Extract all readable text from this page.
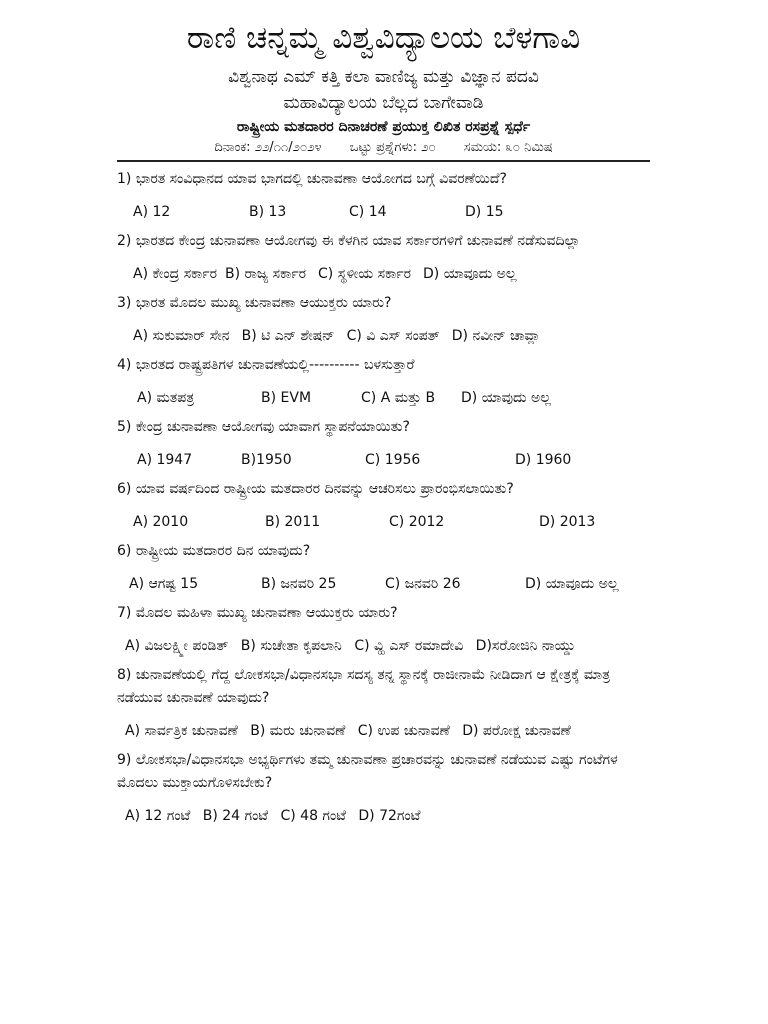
ರಾಣಿ ಚನ್ನಮ್ಮ ವಿಶ್ವವಿದ್ಯಾಲಯ ಬೆಳಗಾವಿ

ವಿಶ್ವನಾಥ ಎಮ್ ಕತ್ತಿ ಕಲಾ ವಾಣಿಜ್ಯ ಮತ್ತು ವಿಜ್ಞಾನ ಪದವಿ

ಮಹಾವಿದ್ಯಾಲಯ ಬೆಲ್ಲದ ಬಾಗೇವಾಡಿ

ರಾಷ್ಟ್ರೀಯ ಮತದಾರರ ದಿನಾಚರಣೆ ಪ್ರಯುಕ್ತ ಲಿಖಿತ ರಸಪ್ರಶ್ನೆ ಸ್ಪರ್ಧೆ

ದಿನಾಂಕ: ೨೨/೧೧/೨೦೨೪ ಒಟ್ಟು ಪ್ರಶ್ನೆಗಳು: ೨೦ ಸಮಯ: ೩೦ ನಿಮಿಷ

1) ಭಾರತ ಸಂವಿಧಾನದ ಯಾವ ಭಾಗದಲ್ಲಿ ಚುನಾವಣಾ ಆಯೋಗದ ಬಗ್ಗೆ ವಿವರಣೆಯಿದೆ?

A) 12	B) 13	C) 14	D) 15

2) ಭಾರತದ ಕೇಂದ್ರ ಚುನಾವಣಾ ಆಯೋಗವು ಈ ಕೆಳಗಿನ ಯಾವ ಸರ್ಕಾರಗಳಿಗೆ ಚುನಾವಣೆ ನಡೆಸುವದಿಲ್ಲಾ

A) ಕೇಂದ್ರ ಸರ್ಕಾರ B) ರಾಜ್ಯ ಸರ್ಕಾರ C) ಸ್ಥಳೀಯ ಸರ್ಕಾರ D) ಯಾವೂದು ಅಲ್ಲ

3) ಭಾರತ ಮೊದಲ ಮುಖ್ಯ ಚುನಾವಣಾ ಆಯುಕ್ತರು ಯಾರು?

A) ಸುಕುಮಾರ್ ಸೇನ B) ಟಿ ಎನ್ ಶೇಷನ್ C) ವಿ ಎಸ್ ಸಂಪತ್ D) ನವೀನ್ ಚಾವ್ಲಾ

4) ಭಾರತದ ರಾಷ್ಟ್ರಪತಿಗಳ ಚುನಾವಣೆಯಲ್ಲಿ---------- ಬಳಸುತ್ತಾರೆ

A) ಮತಪತ್ರ	B) EVM	C) A ಮತ್ತು B	D) ಯಾವುದು ಅಲ್ಲ

5) ಕೇಂದ್ರ ಚುನಾವಣಾ ಆಯೋಗವು ಯಾವಾಗ ಸ್ಥಾಪನೆಯಾಯಿತು?

A) 1947	B)1950	C) 1956	D) 1960

6) ಯಾವ ವರ್ಷದಿಂದ ರಾಷ್ಟ್ರೀಯ ಮತದಾರರ ದಿನವನ್ನು ಆಚರಿಸಲು ಪ್ರಾರಂಭಿಸಲಾಯಿತು?

A) 2010	B) 2011	C) 2012	D) 2013

6) ರಾಷ್ಟ್ರೀಯ ಮತದಾರರ ದಿನ ಯಾವುದು?

A) ಆಗಷ್ಟ 15	B) ಜನವರಿ 25	C) ಜನವರಿ 26	D) ಯಾವೂದು ಅಲ್ಲ

7) ಮೊದಲ ಮಹಿಳಾ ಮುಖ್ಯ ಚುನಾವಣಾ ಆಯುಕ್ತರು ಯಾರು?

A) ವಿಜಲಕ್ಷ್ಮೀ ಪಂಡಿತ್ B) ಸುಚೇತಾ ಕೃಪಲಾನಿ C) ವ್ಹಿ ಎಸ್ ರಮಾದೇವಿ D)ಸರೋಜಿನಿ ನಾಯ್ಡು

8) ಚುನಾವಣೆಯಲ್ಲಿ ಗೆದ್ದ ಲೋಕಸಭಾ/ವಿಧಾನಸಭಾ ಸದಸ್ಯ ತನ್ನ ಸ್ಥಾನಕ್ಕೆ ರಾಜೀನಾಮೆ ನೀಡಿದಾಗ ಆ ಕ್ಷೇತ್ರಕ್ಕೆ ಮಾತ್ರ ನಡೆಯುವ ಚುನಾವಣೆ ಯಾವುದು?

A) ಸಾರ್ವತ್ರಿಕ ಚುನಾವಣೆ B) ಮರು ಚುನಾವಣೆ C) ಉಪ ಚುನಾವಣೆ D) ಪರೋಕ್ಷ ಚುನಾವಣೆ

9) ಲೋಕಸಭಾ/ವಿಧಾನಸಭಾ ಅಭ್ಯರ್ಥಿಗಳು ತಮ್ಮ ಚುನಾವಣಾ ಪ್ರಚಾರವನ್ನು ಚುನಾವಣೆ ನಡೆಯುವ ಎಷ್ಟು ಗಂಟೆಗಳ ಮೊದಲು ಮುಕ್ತಾಯಗೊಳಿಸಬೇಕು?

A) 12 ಗಂಟೆ B) 24 ಗಂಟೆ C) 48 ಗಂಟೆ D) 72ಗಂಟೆ
